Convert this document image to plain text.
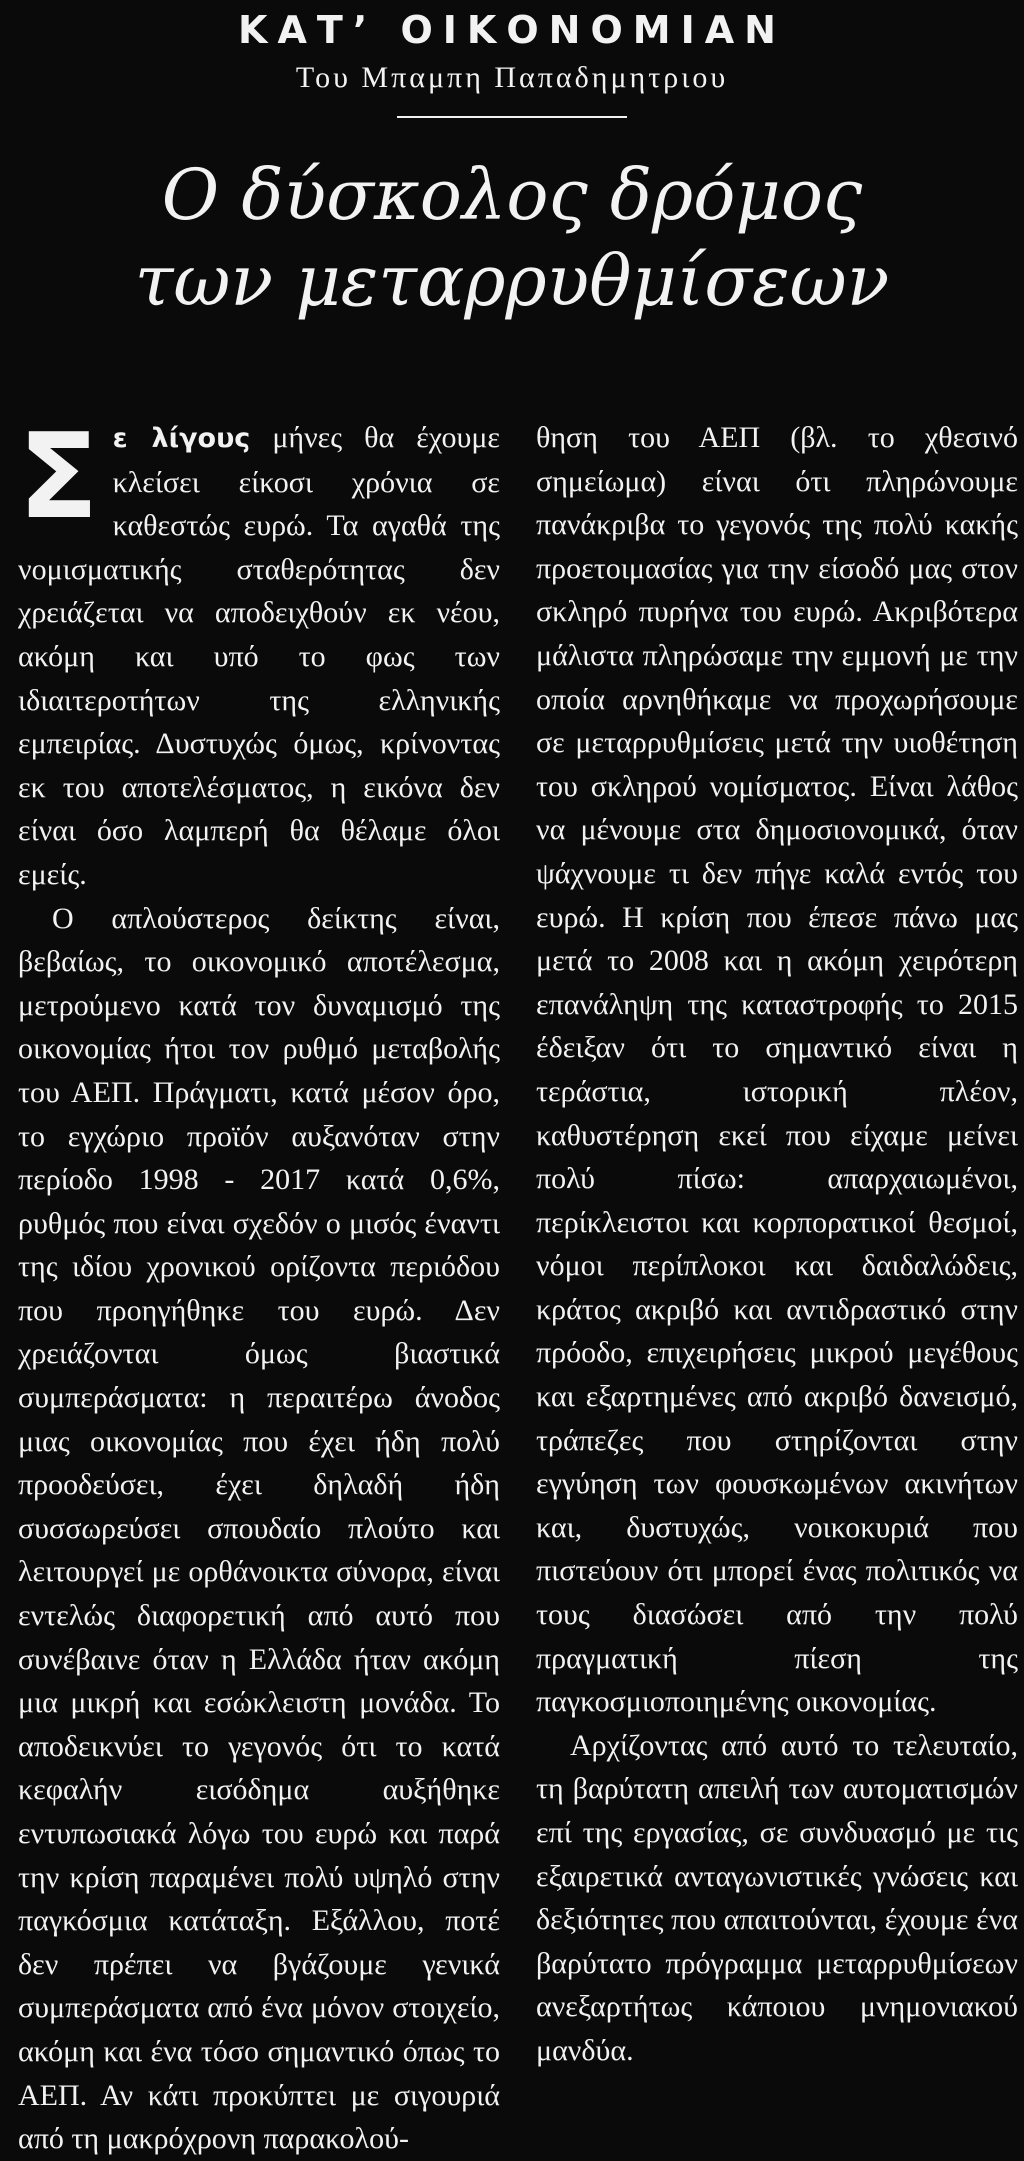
ΚΑΤ’ ΟΙΚΟΝΟΜΙΑΝ

Του Μπαμπη Παπαδημητριου

Ο δύσκολος δρόμος
των μεταρρυθμίσεων

Σε λίγους μήνες θα έχουμε κλείσει είκοσι χρόνια σε καθεστώς ευρώ. Τα αγαθά της νομισματικής σταθερότητας δεν χρειάζεται να αποδειχθούν εκ νέου, ακόμη και υπό το φως των ιδιαιτεροτήτων της ελληνικής εμπειρίας. Δυστυχώς όμως, κρίνοντας εκ του αποτελέσματος, η εικόνα δεν είναι όσο λαμπερή θα θέλαμε όλοι εμείς.

Ο απλούστερος δείκτης είναι, βεβαίως, το οικονομικό αποτέλεσμα, μετρούμενο κατά τον δυναμισμό της οικονομίας ήτοι τον ρυθμό μεταβολής του ΑΕΠ. Πράγματι, κατά μέσον όρο, το εγχώριο προϊόν αυξανόταν στην περίοδο 1998 - 2017 κατά 0,6%, ρυθμός που είναι σχεδόν ο μισός έναντι της ιδίου χρονικού ορίζοντα περιόδου που προηγήθηκε του ευρώ. Δεν χρειάζονται όμως βιαστικά συμπεράσματα: η περαιτέρω άνοδος μιας οικονομίας που έχει ήδη πολύ προοδεύσει, έχει δηλαδή ήδη συσσωρεύσει σπουδαίο πλούτο και λειτουργεί με ορθάνοικτα σύνορα, είναι εντελώς διαφορετική από αυτό που συνέβαινε όταν η Ελλάδα ήταν ακόμη μια μικρή και εσώκλειστη μονάδα. Το αποδεικνύει το γεγονός ότι το κατά κεφαλήν εισόδημα αυξήθηκε εντυπωσιακά λόγω του ευρώ και παρά την κρίση παραμένει πολύ υψηλό στην παγκόσμια κατάταξη. Εξάλλου, ποτέ δεν πρέπει να βγάζουμε γενικά συμπεράσματα από ένα μόνον στοιχείο, ακόμη και ένα τόσο σημαντικό όπως το ΑΕΠ. Αν κάτι προκύπτει με σιγουριά από τη μακρόχρονη παρακολού-

θηση του ΑΕΠ (βλ. το χθεσινό σημείωμα) είναι ότι πληρώνουμε πανάκριβα το γεγονός της πολύ κακής προετοιμασίας για την είσοδό μας στον σκληρό πυρήνα του ευρώ. Ακριβότερα μάλιστα πληρώσαμε την εμμονή με την οποία αρνηθήκαμε να προχωρήσουμε σε μεταρρυθμίσεις μετά την υιοθέτηση του σκληρού νομίσματος. Είναι λάθος να μένουμε στα δημοσιονομικά, όταν ψάχνουμε τι δεν πήγε καλά εντός του ευρώ. Η κρίση που έπεσε πάνω μας μετά το 2008 και η ακόμη χειρότερη επανάληψη της καταστροφής το 2015 έδειξαν ότι το σημαντικό είναι η τεράστια, ιστορική πλέον, καθυστέρηση εκεί που είχαμε μείνει πολύ πίσω: απαρχαιωμένοι, περίκλειστοι και κορπορατικοί θεσμοί, νόμοι περίπλοκοι και δαιδαλώδεις, κράτος ακριβό και αντιδραστικό στην πρόοδο, επιχειρήσεις μικρού μεγέθους και εξαρτημένες από ακριβό δανεισμό, τράπεζες που στηρίζονται στην εγγύηση των φουσκωμένων ακινήτων και, δυστυχώς, νοικοκυριά που πιστεύουν ότι μπορεί ένας πολιτικός να τους διασώσει από την πολύ πραγματική πίεση της παγκοσμιοποιημένης οικονομίας.

Αρχίζοντας από αυτό το τελευταίο, τη βαρύτατη απειλή των αυτοματισμών επί της εργασίας, σε συνδυασμό με τις εξαιρετικά ανταγωνιστικές γνώσεις και δεξιότητες που απαιτούνται, έχουμε ένα βαρύτατο πρόγραμμα μεταρρυθμίσεων ανεξαρτήτως κάποιου μνημονιακού μανδύα.
